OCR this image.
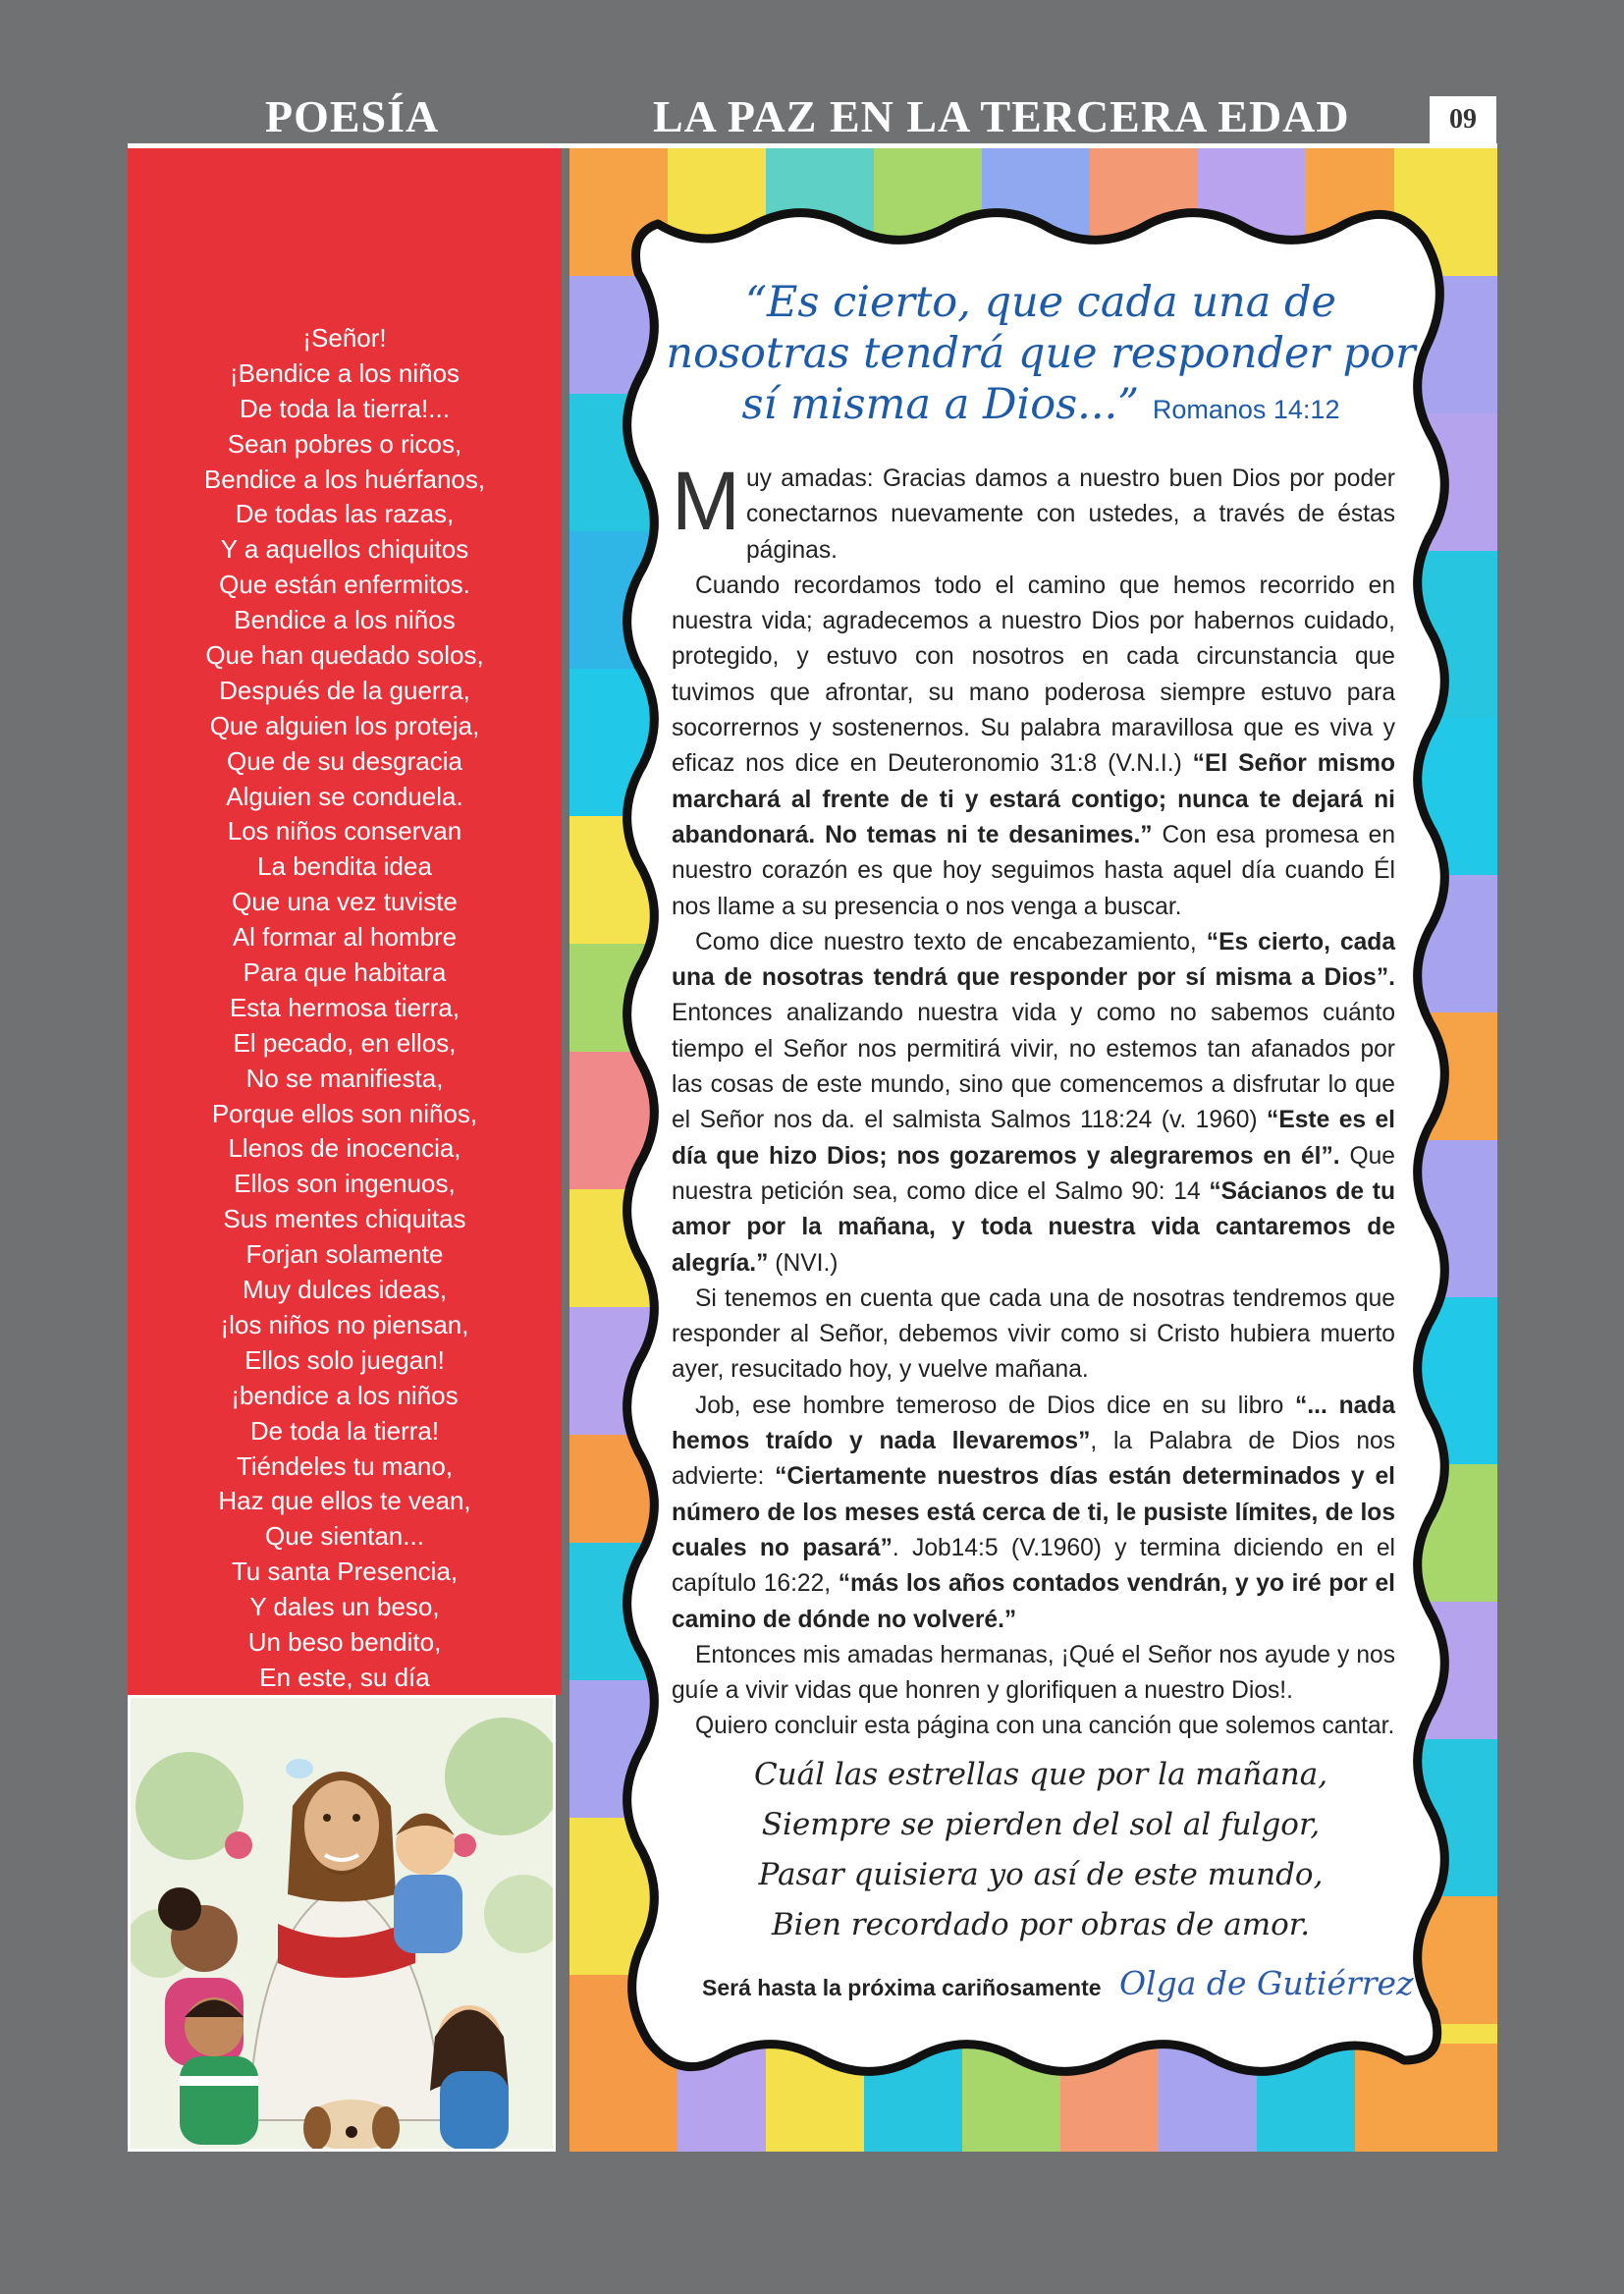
POESÍA	LA PAZ EN LA TERCERA EDAD	09
¡Señor!
¡Bendice a los niños
De toda la tierra!...
Sean pobres o ricos,
Bendice a los huérfanos,
De todas las razas,
Y a aquellos chiquitos
Que están enfermitos.
Bendice a los niños
Que han quedado solos,
Después de la guerra,
Que alguien los proteja,
Que de su desgracia
Alguien se conduela.
Los niños conservan
La bendita idea
Que una vez tuviste
Al formar al hombre
Para que habitara
Esta hermosa tierra,
El pecado, en ellos,
No se manifiesta,
Porque ellos son niños,
Llenos de inocencia,
Ellos son ingenuos,
Sus mentes chiquitas
Forjan solamente
Muy dulces ideas,
¡los niños no piensan,
Ellos solo juegan!
¡bendice a los niños
De toda la tierra!
Tiéndeles tu mano,
Haz que ellos te vean,
Que sientan...
Tu santa Presencia,
Y dales un beso,
Un beso bendito,
En este, su día
“Es cierto, que cada una de nosotras tendrá que responder por sí misma a Dios...” Romanos 14:12

Muy amadas: Gracias damos a nuestro buen Dios por poder conectarnos nuevamente con ustedes, a través de éstas páginas.

Cuando recordamos todo el camino que hemos recorrido en nuestra vida; agradecemos a nuestro Dios por habernos cuidado, protegido, y estuvo con nosotros en cada circunstancia que tuvimos que afrontar, su mano poderosa siempre estuvo para socorrernos y sostenernos. Su palabra maravillosa que es viva y eficaz nos dice en Deuteronomio 31:8 (V.N.I.) “El Señor mismo marchará al frente de ti y estará contigo; nunca te dejará ni abandonará. No temas ni te desanimes.” Con esa promesa en nuestro corazón es que hoy seguimos hasta aquel día cuando Él nos llame a su presencia o nos venga a buscar.

Como dice nuestro texto de encabezamiento, “Es cierto, cada una de nosotras tendrá que responder por sí misma a Dios”. Entonces analizando nuestra vida y como no sabemos cuánto tiempo el Señor nos permitirá vivir, no estemos tan afanados por las cosas de este mundo, sino que comencemos a disfrutar lo que el Señor nos da. el salmista Salmos 118:24 (v. 1960) “Este es el día que hizo Dios; nos gozaremos y alegraremos en él”. Que nuestra petición sea, como dice el Salmo 90: 14 “Sácianos de tu amor por la mañana, y toda nuestra vida cantaremos de alegría.” (NVI.)

Si tenemos en cuenta que cada una de nosotras tendremos que responder al Señor, debemos vivir como si Cristo hubiera muerto ayer, resucitado hoy, y vuelve mañana.

Job, ese hombre temeroso de Dios dice en su libro “... nada hemos traído y nada llevaremos”, la Palabra de Dios nos advierte: “Ciertamente nuestros días están determinados y el número de los meses está cerca de ti, le pusiste límites, de los cuales no pasará”. Job14:5 (V.1960) y termina diciendo en el capítulo 16:22, “más los años contados vendrán, y yo iré por el camino de dónde no volveré.”

Entonces mis amadas hermanas, ¡Qué el Señor nos ayude y nos guíe a vivir vidas que honren y glorifiquen a nuestro Dios!.

Quiero concluir esta página con una canción que solemos cantar.

Cuál las estrellas que por la mañana,
Siempre se pierden del sol al fulgor,
Pasar quisiera yo así de este mundo,
Bien recordado por obras de amor.
Será hasta la próxima cariñosamente Olga de Gutiérrez
